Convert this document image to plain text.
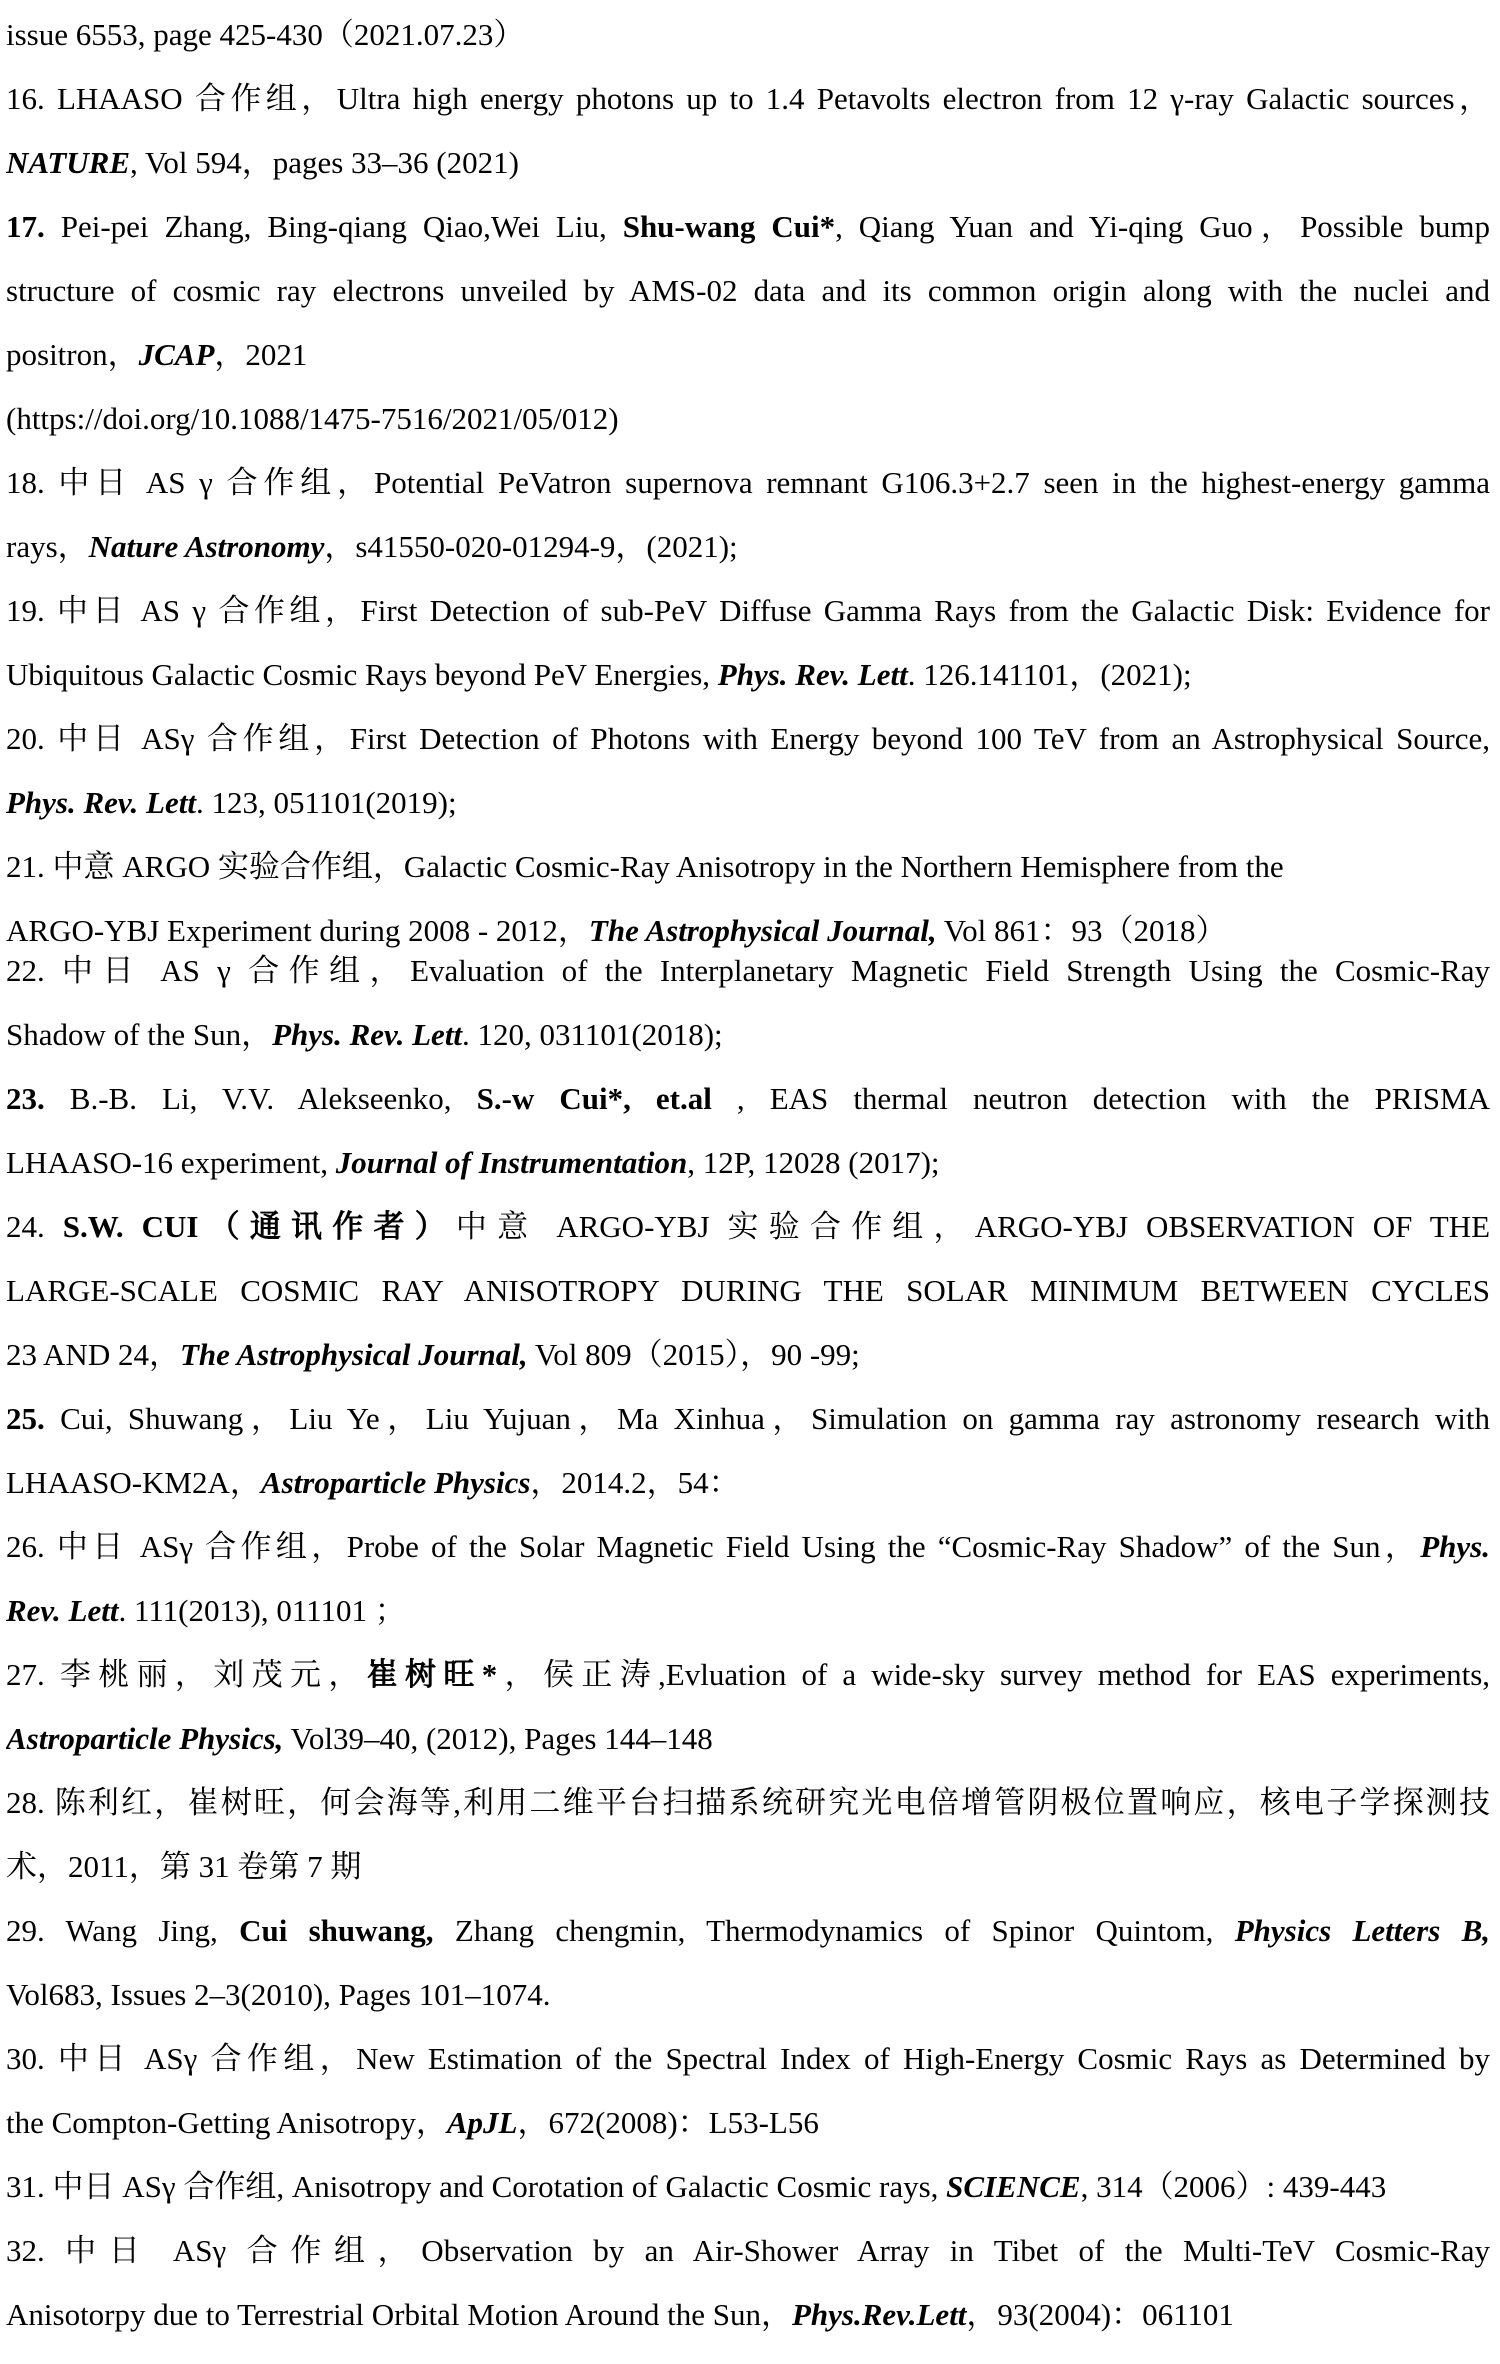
issue 6553, page 425-430（2021.07.23）
16. LHAASO 合作组，Ultra high energy photons up to 1.4 Petavolts electron from 12 γ-ray Galactic sources，
NATURE, Vol 594，pages 33–36 (2021)
17. Pei-pei Zhang, Bing-qiang Qiao,Wei Liu, Shu-wang Cui*, Qiang Yuan and Yi-qing Guo，Possible bump
structure of cosmic ray electrons unveiled by AMS-02 data and its common origin along with the nuclei and
positron，JCAP，2021
(https://doi.org/10.1088/1475-7516/2021/05/012)
18. 中日 AS γ 合作组，Potential PeVatron supernova remnant G106.3+2.7 seen in the highest-energy gamma
rays，Nature Astronomy，s41550-020-01294-9，(2021);
19. 中日 AS γ 合作组，First Detection of sub-PeV Diffuse Gamma Rays from the Galactic Disk: Evidence for
Ubiquitous Galactic Cosmic Rays beyond PeV Energies, Phys. Rev. Lett. 126.141101，(2021);
20. 中日 ASγ 合作组，First Detection of Photons with Energy beyond 100 TeV from an Astrophysical Source,
Phys. Rev. Lett. 123, 051101(2019);
21. 中意 ARGO 实验合作组，Galactic Cosmic-Ray Anisotropy in the Northern Hemisphere from the
ARGO-YBJ Experiment during 2008 - 2012，The Astrophysical Journal, Vol 861：93（2018）
22. 中日 AS γ 合作组，Evaluation of the Interplanetary Magnetic Field Strength Using the Cosmic-Ray
Shadow of the Sun，Phys. Rev. Lett. 120, 031101(2018);
23. B.-B. Li, V.V. Alekseenko, S.-w Cui*, et.al , EAS thermal neutron detection with the PRISMA
LHAASO-16 experiment, Journal of Instrumentation, 12P, 12028 (2017);
24. S.W. CUI（通讯作者）中意 ARGO-YBJ 实验合作组，ARGO-YBJ OBSERVATION OF THE
LARGE-SCALE COSMIC RAY ANISOTROPY DURING THE SOLAR MINIMUM BETWEEN CYCLES
23 AND 24，The Astrophysical Journal, Vol 809（2015），90 -99;
25. Cui, Shuwang，Liu Ye，Liu Yujuan，Ma Xinhua，Simulation on gamma ray astronomy research with
LHAASO-KM2A，Astroparticle Physics，2014.2，54：
26. 中日 ASγ 合作组，Probe of the Solar Magnetic Field Using the “Cosmic-Ray Shadow” of the Sun，Phys.
Rev. Lett. 111(2013), 011101 ；
27. 李桃丽，刘茂元，崔树旺*，侯正涛,Evluation of a wide-sky survey method for EAS experiments,
Astroparticle Physics, Vol39–40, (2012), Pages 144–148
28. 陈利红，崔树旺，何会海等,利用二维平台扫描系统研究光电倍增管阴极位置响应，核电子学探测技
术，2011，第 31 卷第 7 期
29. Wang Jing, Cui shuwang, Zhang chengmin, Thermodynamics of Spinor Quintom, Physics Letters B,
Vol683, Issues 2–3(2010), Pages 101–1074.
30. 中日 ASγ 合作组，New Estimation of the Spectral Index of High-Energy Cosmic Rays as Determined by
the Compton-Getting Anisotropy，ApJL，672(2008)：L53-L56
31. 中日 ASγ 合作组, Anisotropy and Corotation of Galactic Cosmic rays, SCIENCE, 314（2006）: 439-443
32. 中日 ASγ 合作组，Observation by an Air-Shower Array in Tibet of the Multi-TeV Cosmic-Ray
Anisotorpy due to Terrestrial Orbital Motion Around the Sun，Phys.Rev.Lett，93(2004)：061101
